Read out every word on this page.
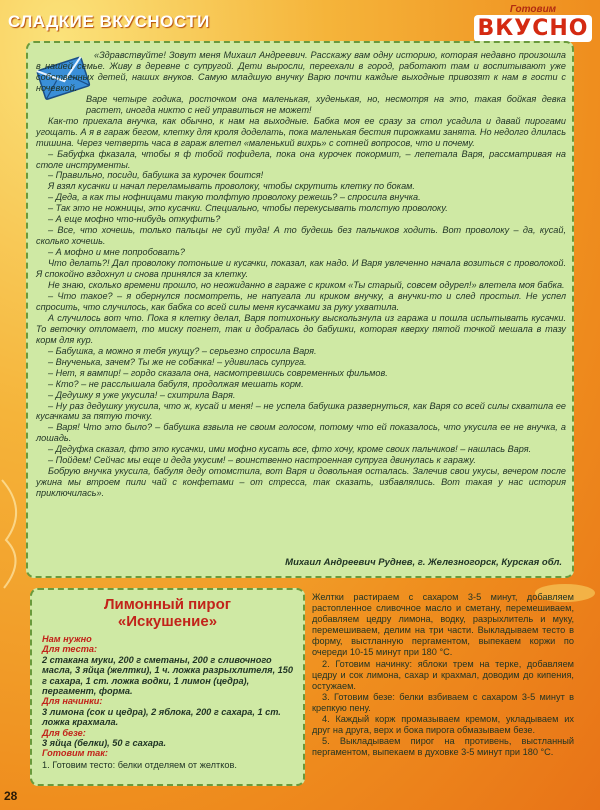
СЛАДКИЕ ВКУСНОСТИ
Готовим
ВКУСНО

«Здравствуйте! Зовут меня Михаил Андреевич. Расскажу вам одну историю, которая недавно произошла в нашей семье. Живу в деревне с супругой. Дети выросли, переехали в город, работают там и воспитывают уже собственных детей, наших внуков. Самую младшую внучку Варю почти каждые выходные привозят к нам в гости с ночевкой.

Варе четыре годика, росточком она маленькая, худенькая, но, несмотря на это, такая бойкая девка растет, иногда никто с ней управиться не может!

Как-то приехала внучка, как обычно, к нам на выходные. Бабка моя ее сразу за стол усадила и давай пирогами угощать. А я в гараж бегом, клетку для кроля доделать, пока маленькая бестия пирожками занята. Но недолго длилась тишина. Через четверть часа в гараж влетел «маленький вихрь» с сотней вопросов, что и почему.

– Бабуфка фказала, чтобы я ф тобой пофидела, пока она курочек покормит, – лепетала Варя, рассматривая на столе инструменты.

– Правильно, посиди, бабушка за курочек боится!

Я взял кусачки и начал переламывать проволоку, чтобы скрутить клетку по бокам.

– Деда, а как ты нофницами такую толфтую проволоку режешь? – спросила внучка.

– Так это не ножницы, это кусачки. Специально, чтобы перекусывать толстую проволоку.

– А еще мофно что-нибудь откуфить?

– Все, что хочешь, только пальцы не суй туда! А то будешь без пальчиков ходить. Вот проволоку – да, кусай, сколько хочешь.

– А мофно и мне попробовать?

Что делать?! Дал проволоку потоньше и кусачки, показал, как надо. И Варя увлеченно начала возиться с проволокой. Я спокойно вздохнул и снова принялся за клетку.

Не знаю, сколько времени прошло, но неожиданно в гараже с криком «Ты старый, совсем одурел!» влетела моя бабка.

– Что такое? – я обернулся посмотреть, не напугала ли криком внучку, а внучки-то и след простыл. Не успел спросить, что случилось, как бабка со всей силы меня кусачками за руку ухватила.

А случилось вот что. Пока я клетку делал, Варя потихоньку выскользнула из гаража и пошла испытывать кусачки. То веточку отломает, то миску погнет, так и добралась до бабушки, которая кверху пятой точкой мешала в тазу корм для кур.

– Бабушка, а можно я тебя укущу? – серьезно спросила Варя.

– Внученька, зачем? Ты же не собачка! – удивилась супруга.

– Нет, я вампир! – гордо сказала она, насмотревшись современных фильмов.

– Кто? – не расслышала бабуля, продолжая мешать корм.

– Дедушку я уже укусила! – схитрила Варя.

– Ну раз дедушку укусила, что ж, кусай и меня! – не успела бабушка развернуться, как Варя со всей силы схватила ее кусачками за пятую точку.

– Варя! Что это было? – бабушка взвыла не своим голосом, потому что ей показалось, что укусила ее не внучка, а лошадь.

– Дедуфка сказал, фто это кусачки, ими мофно кусать все, фто хочу, кроме своих пальчиков! – нашлась Варя.

– Пойдем! Сейчас мы еще и деда укусим! – воинственно настроенная супруга двинулась к гаражу.

Бобрую внучка укусила, бабуля деду отомстила, вот Варя и довольная осталась. Залечив свои укусы, вечером после ужина мы втроем пили чай с конфетами – от стресса, так сказать, избавлялись. Вот такая у нас история приключилась».

Михаил Андреевич Руднев, г. Железногорск, Курская обл.
Лимонный пирог
«Искушение»
Нам нужно
Для теста:
2 стакана муки, 200 г сметаны, 200 г сливочного масла, 3 яйца (желтки), 1 ч. ложка разрыхлителя, 150 г сахара, 1 ст. ложка водки, 1 лимон (цедра), пергамент, форма.
Для начинки:
3 лимона (сок и цедра), 2 яблока, 200 г сахара, 1 ст. ложка крахмала.
Для безе:
3 яйца (белки), 50 г сахара.
Готовим так:
1. Готовим тесто: белки отделяем от желтков.

Желтки растираем с сахаром 3-5 минут, добавляем растопленное сливочное масло и сметану, перемешиваем, добавляем цедру лимона, водку, разрыхлитель и муку, перемешиваем, делим на три части. Выкладываем тесто в форму, выстланную пергаментом, выпекаем коржи по очереди 10-15 минут при 180 °С.

2. Готовим начинку: яблоки трем на терке, добавляем цедру и сок лимона, сахар и крахмал, доводим до кипения, остужаем.

3. Готовим безе: белки взбиваем с сахаром 3-5 минут в крепкую пену.

4. Каждый корж промазываем кремом, укладываем их друг на друга, верх и бока пирога обмазываем безе.

5. Выкладываем пирог на противень, выстланный пергаментом, выпекаем в духовке 3-5 минут при 180 °С.

28
